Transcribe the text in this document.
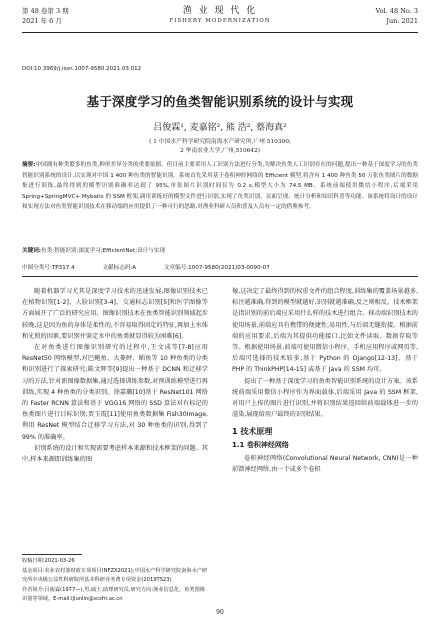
第 48 卷第 3 期
2021 年 6 月
渔 业 现 代 化
FISHERY MODERNIZATION
Vol. 48 No. 3
Jun. 2021
DOI:10.3969/j.issn.1007-9580.2021.03.012
基于深度学习的鱼类智能识别系统的设计与实现
吕俊霖¹, 麦嘉铭², 熊 浩², 蔡海真²
( 1 中国水产科学研究院南海水产研究所,广州 510300;
2 华南农业大学,广州,510642)
摘要:中国拥有种类繁多的鱼类,种形差异分类的重要依据。但目前主要采用人工识别方法进行分类,为解决鱼类人工识别存在的问题,提出一种基于深度学习的鱼类智能识别系统的设计,以实现对中国 1 400 种鱼类的智能识别。系统首先采用基于卷积神经网络的 Efficient 模型,将含有 1 400 种鱼类 50 万张鱼类图片的数据集进行训练,最终得到的模型识别准确率达到了 95%,单张图片识别时间仅为 0.2 s,模型大小为 74.5 MB。系统前端使用微信小程序,后端采用 Spring+SpringMVC+ Mybatis 的 SSM 框架,调用训练好的模型文件进行识别,实现了鱼类识别、页面呈现、统计分析和知识科普等功能。该系统将设计的设计和实现方法对鱼类智能识别技术在移动端的应用提供了一种可行的思路,对渔业科研人员和普及人员有一定的借鉴参考。
关键词:鱼类;智能识别;深度学习;EfficientNet;设计与实现
中图分类号:TP317.4	文献标志码:A	文章编号:1007-9580(2021)03-0090-07

随着机器学习尤其是深度学习技术的迅速发展,图像识别技术已在植物识别[1-2]、人脸识别[3-4]、交通标志识别[5]和医学图像等方面展开了广泛的研究应用。图像识别技术在鱼类智能识别领域起步较晚,这是因为鱼的身体是柔性的,不容易取得固定的特征,再加上水体和光照的因素,要识别并鉴定水中的鱼类就显得较为困难[6]。

在对鱼类进行图像识别研究的过程中,王文成等[7-8]应用 ResNet50 网络模型,对巴鲍鱼、大菱鲆、鲳鱼等 10 种鱼类的分类和识别进行了探索研究;陈文辉等[9]提出一种基于 DCNN 和迁移学习的方法,针对新图像数据集,通过选择训练参数,对预训练模型进行再训练,实现 4 种鱼类的分类识别。徐嘉璐[10]基于 ResNet101 网络的 Faster RCNN 算法和基于 VGG16 网络的 SSD 算法对有标记的鱼类图片进行目标识别;贾玉霞[11]使用鱼类数据集 Fish30Image,利用 ResNet 模型结合迁移学习方法,对 30 种鱼类的识别,得到了 99% 的准确率。

识别系统的设计和实现需要考虑样本来源和技术框架的问题。其中,样本来源即训练集的图

像,这决定了最终得到的权重文件的组合程度,训练集的覆盖场景越多,标注越准确,得到的模型就越好,识别就越准确,反之则相反。技术框架是指识别的前后端应采用什么样的技术进行组合。移动端识别技术的使用场景,前端应具有携带的便捷性,易用性,与后端无缝衔接。根据前端的应用要求,后端为其提供功能接口,比如文件读取、数据存取等等。根据使用场景,前端可使用微信小程序、手机应用程序或网页等,后端可选择的技术较多,基于 Python 的 Django[12-13]、基于 PHP 的 ThinkPHP[14-15] 或基于 Java 的 SSM 均可。

提出了一种基于深度学习的鱼类智能识别系统的设计方案。该系统前端采用微信小程序作为界面载体,后端采用 Java 的 SSM 框架,对用户上传的图片进行识别,并将识别结果返回给前端载体进一步的渲染,展现给用户最终的识别结果。

1 技术原理
1.1 卷积神经网络

卷积神经网络(Convolutional Neural Network, CNN)是一种前馈神经网络,由一个或多个卷积

收稿日期:2021-03-26
基金项目:农业农村部财政专项项目(NFZX2021);中国水产科学研究院南海水产研究所中央级公益性科研院所基本科研业务费专项资金(2019TS23)
作者简介:吕俊霖(1977—),男,硕士,助理研究员,研究方向:渔业信息化。鱼类图像识别等领域。E-mail:ljlunlin@scsfri.ac.cn
90
